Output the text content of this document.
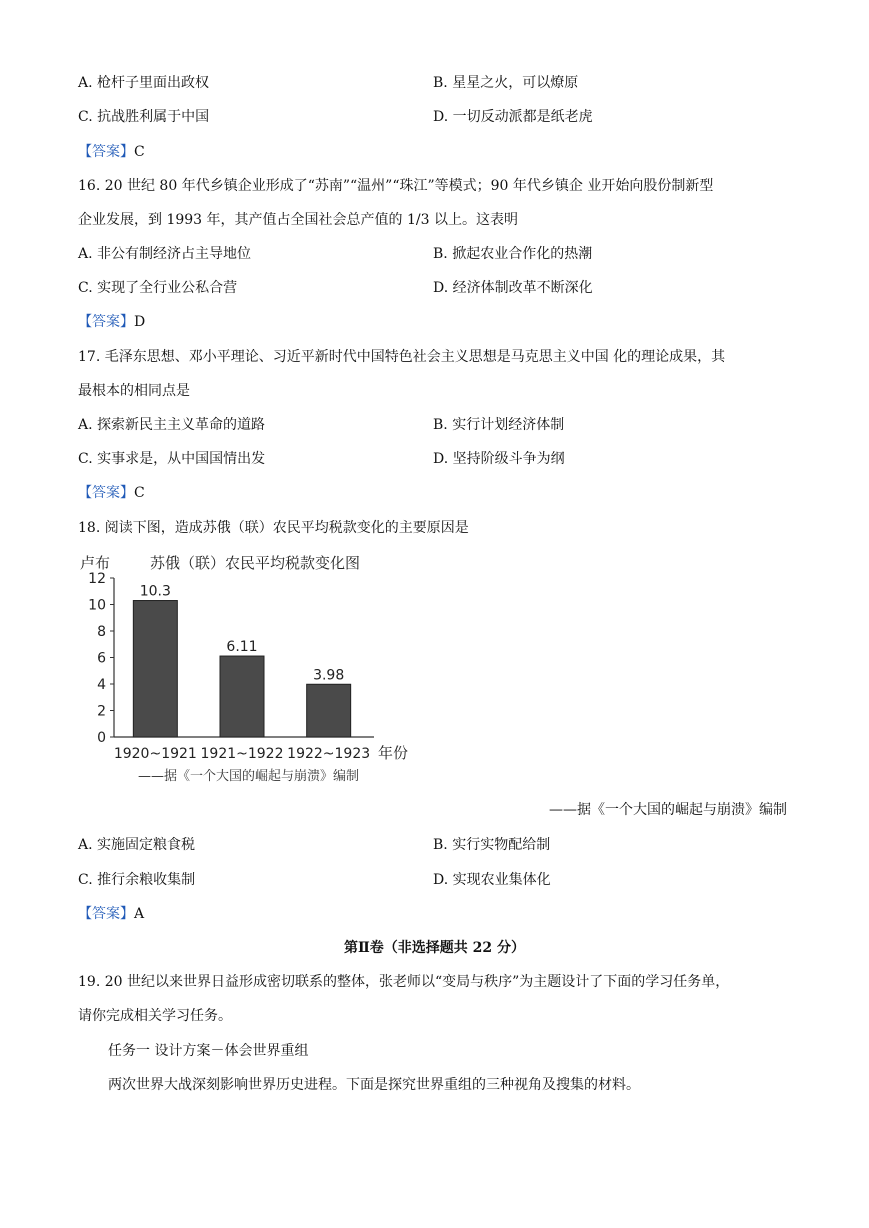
A. 枪杆子里面出政权	B. 星星之火，可以燎原
C. 抗战胜利属于中国	D. 一切反动派都是纸老虎
【答案】C
16. 20 世纪 80 年代乡镇企业形成了“苏南”“温州”“珠江”等模式；90 年代乡镇企 业开始向股份制新型
企业发展，到 1993 年，其产值占全国社会总产值的 1/3 以上。这表明
A. 非公有制经济占主导地位	B. 掀起农业合作化的热潮
C. 实现了全行业公私合营	D. 经济体制改革不断深化
【答案】D
17. 毛泽东思想、邓小平理论、习近平新时代中国特色社会主义思想是马克思主义中国 化的理论成果，其
最根本的相同点是
A. 探索新民主主义革命的道路	B. 实行计划经济体制
C. 实事求是，从中国国情出发	D. 坚持阶级斗争为纲
【答案】C
18. 阅读下图，造成苏俄（联）农民平均税款变化的主要原因是
卢布	苏俄（联）农民平均税款变化图
0
2
4
6
8
10
12
10.3
6.11
3.98
1920~1921 1921~1922 1922~1923 年份
——据《一个大国的崛起与崩溃》编制
——据《一个大国的崛起与崩溃》编制
A. 实施固定粮食税	B. 实行实物配给制
C. 推行余粮收集制	D. 实现农业集体化
【答案】A
第Ⅱ卷（非选择题共 22 分）
19. 20 世纪以来世界日益形成密切联系的整体，张老师以“变局与秩序”为主题设计了下面的学习任务单，
请你完成相关学习任务。
任务一 设计方案－体会世界重组
两次世界大战深刻影响世界历史进程。下面是探究世界重组的三种视角及搜集的材料。
